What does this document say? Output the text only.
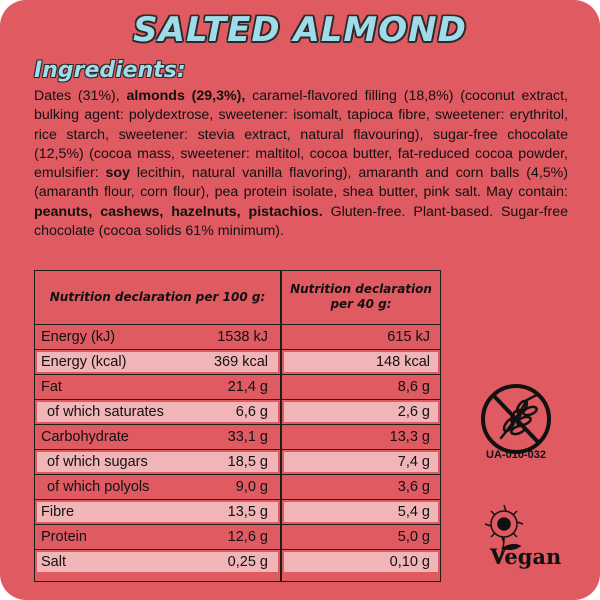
SALTED ALMOND
Ingredients:

Dates (31%), almonds (29,3%), caramel-flavored filling (18,8%) (coconut extract, bulking agent: polydextrose, sweetener: isomalt, tapioca fibre, sweetener: erythritol, rice starch, sweetener: stevia extract, natural flavouring), sugar-free chocolate (12,5%) (cocoa mass, sweetener: maltitol, cocoa butter, fat-reduced cocoa powder, emulsifier: soy lecithin, natural vanilla flavoring), amaranth and corn balls (4,5%) (amaranth flour, corn flour), pea protein isolate, shea butter, pink salt. May contain: peanuts, cashews, hazelnuts, pistachios. Gluten-free. Plant-based. Sugar-free chocolate (cocoa solids 61% minimum).

Nutrition declaration per 100 g:
Nutrition declaration per 40 g:
Energy (kJ)	1538 kJ	615 kJ
Energy (kcal)	369 kcal	148 kcal
Fat	21,4 g	8,6 g
of which saturates	6,6 g	2,6 g
Carbohydrate	33,1 g	13,3 g
of which sugars	18,5 g	7,4 g
of which polyols	9,0 g	3,6 g
Fibre	13,5 g	5,4 g
Protein	12,6 g	5,0 g
Salt	0,25 g	0,10 g
UA-010-032
Vegan
